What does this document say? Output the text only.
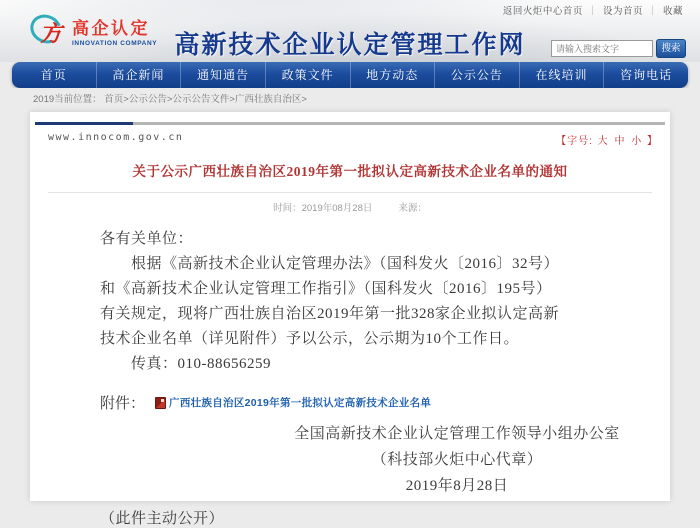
返回火炬中心首页 ｜ 设为首页 ｜ 收藏
方 高企认定
INNOVATION COMPANY 高新技术企业认定管理工作网
请输入搜索文字	搜索
首页	高企新闻	通知通告	政策文件	地方动态	公示公告	在线培训	咨询电话
2019当前位置： 首页>公示公告>公示公告文件>广西壮族自治区>
www.innocom.gov.cn	【字号: 大 中 小 】
关于公示广西壮族自治区2019年第一批拟认定高新技术企业名单的通知
时间：2019年08月28日	来源：
各有关单位：
　　根据《高新技术企业认定管理办法》（国科发火〔2016〕32号）
和《高新技术企业认定管理工作指引》（国科发火〔2016〕195号）
有关规定，现将广西壮族自治区2019年第一批328家企业拟认定高新
技术企业名单（详见附件）予以公示，公示期为10个工作日。
　　传真：010-88656259
附件： 广西壮族自治区2019年第一批拟认定高新技术企业名单
全国高新技术企业认定管理工作领导小组办公室
（科技部火炬中心代章）
2019年8月28日
（此件主动公开）
